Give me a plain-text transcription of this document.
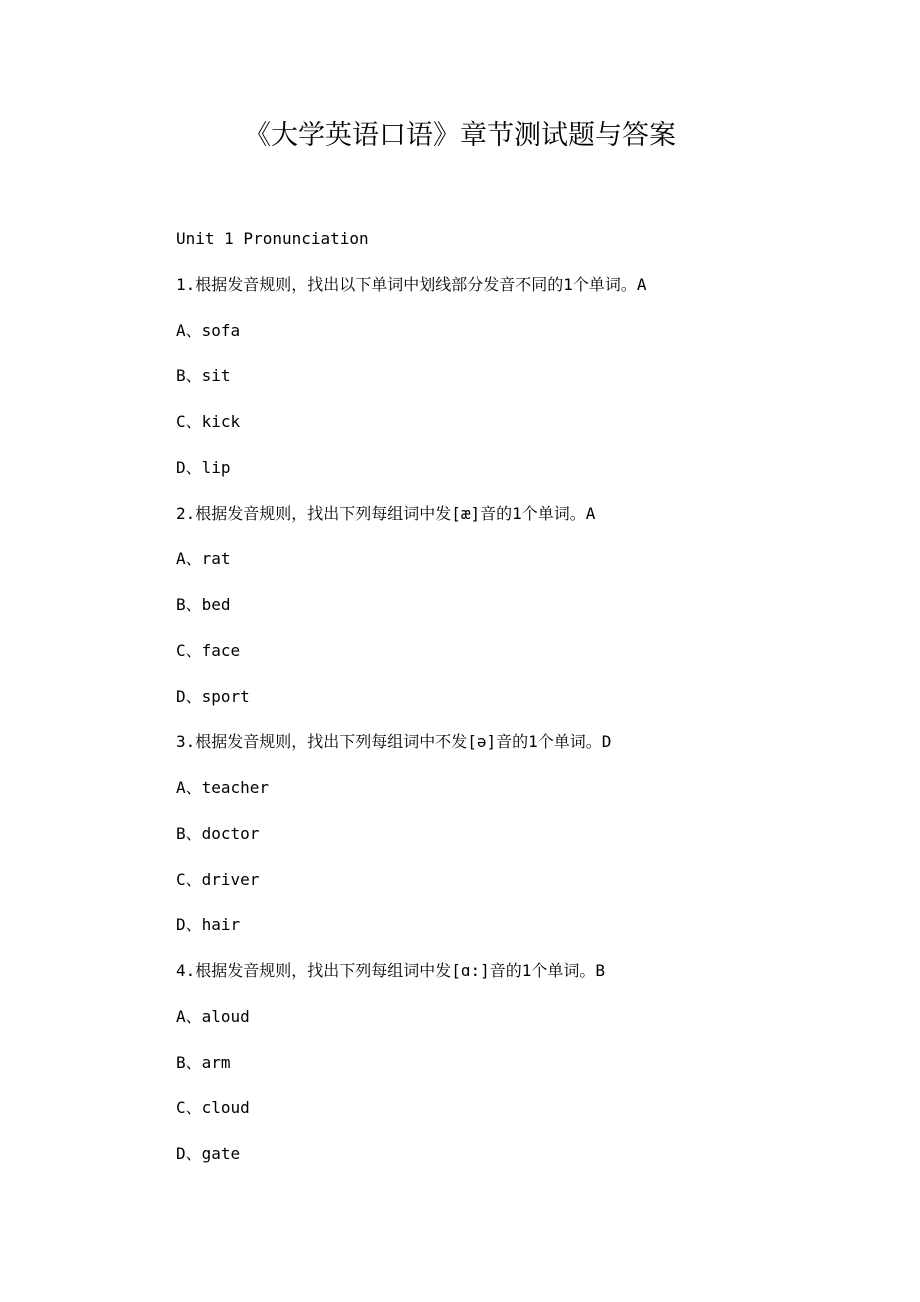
《大学英语口语》章节测试题与答案
Unit 1 Pronunciation
1.根据发音规则，找出以下单词中划线部分发音不同的1个单词。A
A、sofa
B、sit
C、kick
D、lip
2.根据发音规则，找出下列每组词中发[æ]音的1个单词。A
A、rat
B、bed
C、face
D、sport
3.根据发音规则，找出下列每组词中不发[ə]音的1个单词。D
A、teacher
B、doctor
C、driver
D、hair
4.根据发音规则，找出下列每组词中发[ɑ:]音的1个单词。B
A、aloud
B、arm
C、cloud
D、gate
